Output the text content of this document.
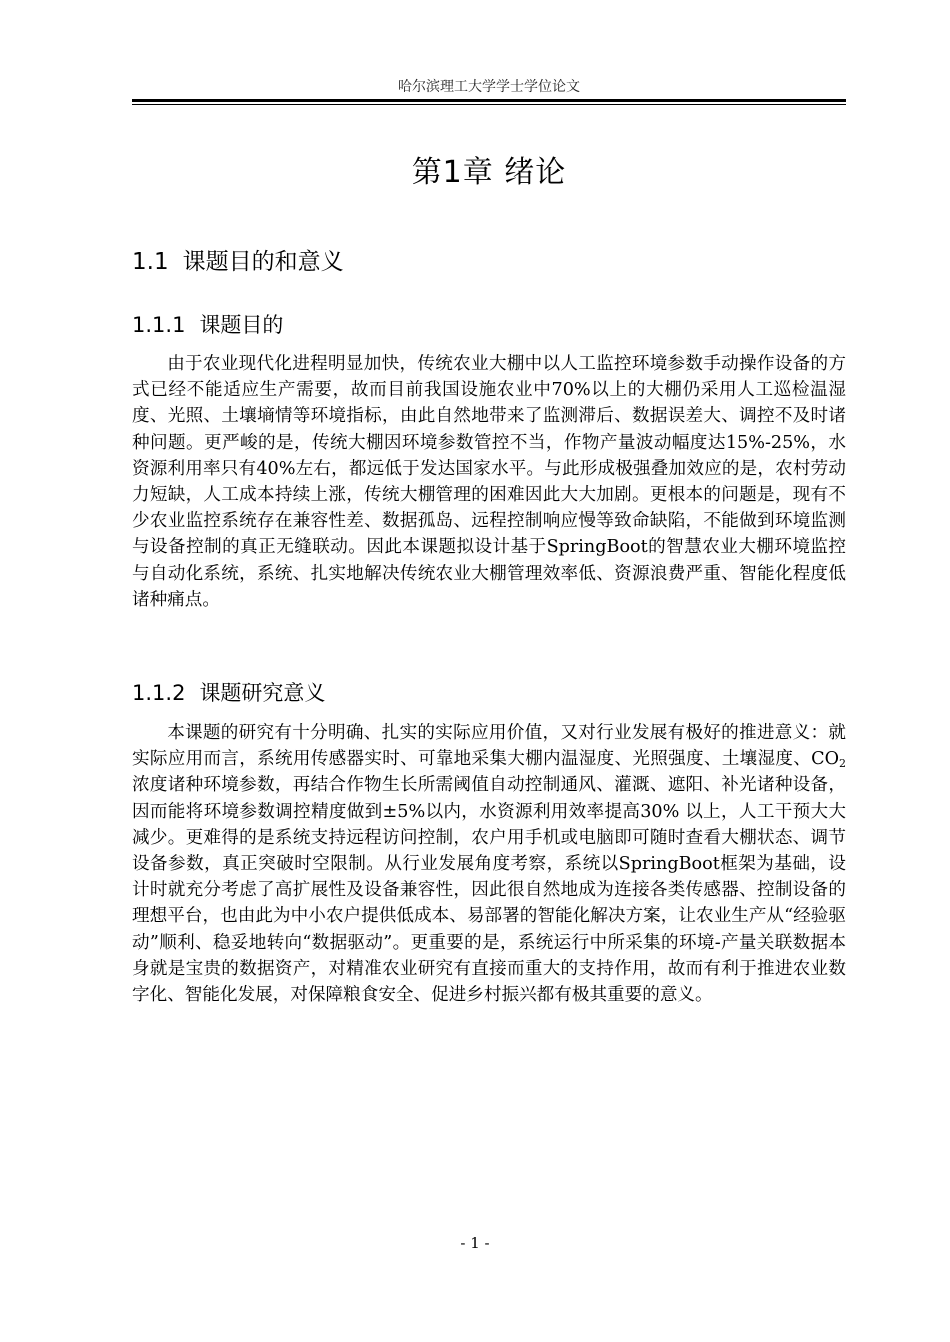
哈尔滨理工大学学士学位论文
第1章 绪论
1.1 课题目的和意义
1.1.1 课题目的

由于农业现代化进程明显加快，传统农业大棚中以人工监控环境参数手动操作设备的方式已经不能适应生产需要，故而目前我国设施农业中70%以上的大棚仍采用人工巡检温湿度、光照、土壤墒情等环境指标，由此自然地带来了监测滞后、数据误差大、调控不及时诸种问题。更严峻的是，传统大棚因环境参数管控不当，作物产量波动幅度达15%-25%，水资源利用率只有40%左右，都远低于发达国家水平。与此形成极强叠加效应的是，农村劳动力短缺，人工成本持续上涨，传统大棚管理的困难因此大大加剧。更根本的问题是，现有不少农业监控系统存在兼容性差、数据孤岛、远程控制响应慢等致命缺陷，不能做到环境监测与设备控制的真正无缝联动。因此本课题拟设计基于SpringBoot的智慧农业大棚环境监控与自动化系统，系统、扎实地解决传统农业大棚管理效率低、资源浪费严重、智能化程度低诸种痛点。

1.1.2 课题研究意义

本课题的研究有十分明确、扎实的实际应用价值，又对行业发展有极好的推进意义：就实际应用而言，系统用传感器实时、可靠地采集大棚内温湿度、光照强度、土壤湿度、$CO_2$浓度诸种环境参数，再结合作物生长所需阈值自动控制通风、灌溉、遮阳、补光诸种设备，因而能将环境参数调控精度做到±5%以内，水资源利用效率提高30% 以上，人工干预大大减少。更难得的是系统支持远程访问控制，农户用手机或电脑即可随时查看大棚状态、调节设备参数，真正突破时空限制。从行业发展角度考察，系统以SpringBoot框架为基础，设计时就充分考虑了高扩展性及设备兼容性，因此很自然地成为连接各类传感器、控制设备的理想平台，也由此为中小农户提供低成本、易部署的智能化解决方案，让农业生产从“经验驱动”顺利、稳妥地转向“数据驱动”。更重要的是，系统运行中所采集的环境-产量关联数据本身就是宝贵的数据资产，对精准农业研究有直接而重大的支持作用，故而有利于推进农业数字化、智能化发展，对保障粮食安全、促进乡村振兴都有极其重要的意义。

- 1 -
